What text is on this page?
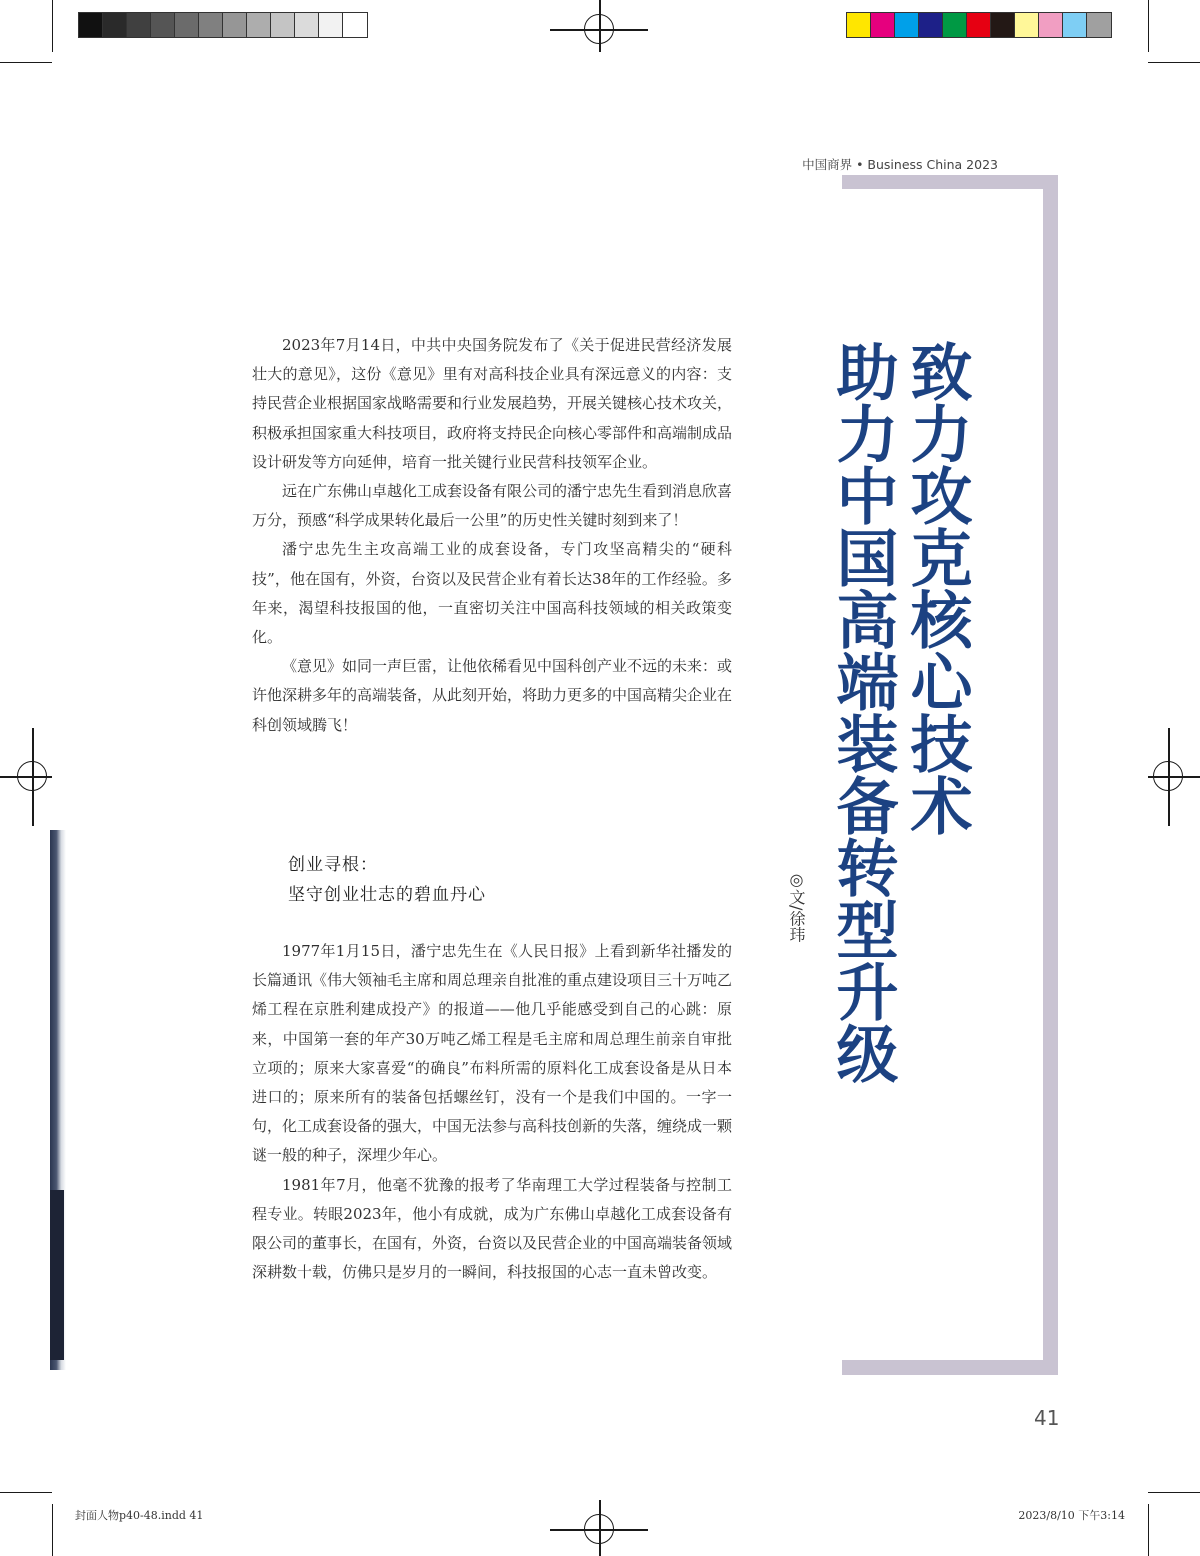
中国商界 • Business China 2023
致力攻克核心技术
助力中国高端装备转型升级
◎文/徐玮

2023年7月14日，中共中央国务院发布了《关于促进民营经济发展壮大的意见》，这份《意见》里有对高科技企业具有深远意义的内容：支持民营企业根据国家战略需要和行业发展趋势，开展关键核心技术攻关，积极承担国家重大科技项目，政府将支持民企向核心零部件和高端制成品设计研发等方向延伸，培育一批关键行业民营科技领军企业。

远在广东佛山卓越化工成套设备有限公司的潘宁忠先生看到消息欣喜万分，预感“科学成果转化最后一公里”的历史性关键时刻到来了！

潘宁忠先生主攻高端工业的成套设备，专门攻坚高精尖的“硬科技”，他在国有，外资，台资以及民营企业有着长达38年的工作经验。多年来，渴望科技报国的他，一直密切关注中国高科技领域的相关政策变化。

《意见》如同一声巨雷，让他依稀看见中国科创产业不远的未来：或许他深耕多年的高端装备，从此刻开始，将助力更多的中国高精尖企业在科创领域腾飞！

创业寻根：
坚守创业壮志的碧血丹心

1977年1月15日，潘宁忠先生在《人民日报》上看到新华社播发的长篇通讯《伟大领袖毛主席和周总理亲自批准的重点建设项目三十万吨乙烯工程在京胜利建成投产》的报道——他几乎能感受到自己的心跳：原来，中国第一套的年产30万吨乙烯工程是毛主席和周总理生前亲自审批立项的；原来大家喜爱“的确良”布料所需的原料化工成套设备是从日本进口的；原来所有的装备包括螺丝钉，没有一个是我们中国的。一字一句，化工成套设备的强大，中国无法参与高科技创新的失落，缠绕成一颗谜一般的种子，深埋少年心。

1981年7月，他毫不犹豫的报考了华南理工大学过程装备与控制工程专业。转眼2023年，他小有成就，成为广东佛山卓越化工成套设备有限公司的董事长，在国有，外资，台资以及民营企业的中国高端装备领域深耕数十载，仿佛只是岁月的一瞬间，科技报国的心志一直未曾改变。

41
封面人物p40-48.indd 41	2023/8/10 下午3:14
